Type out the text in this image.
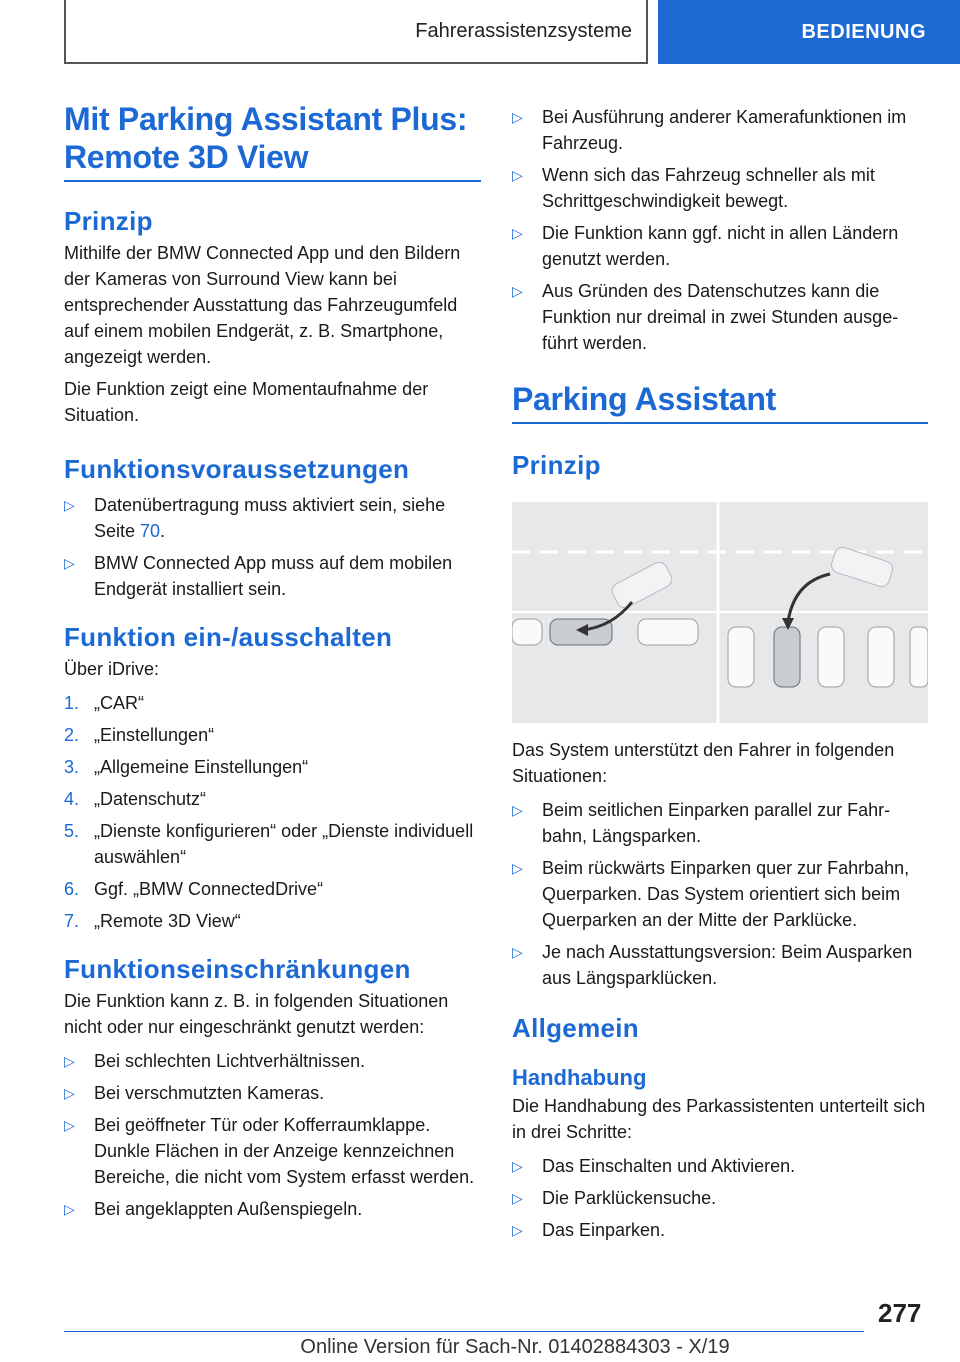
Fahrerassistenzsysteme	BEDIENUNG
Mit Parking Assistant Plus: Remote 3D View
Prinzip

Mithilfe der BMW Connected App und den Bildern der Kameras von Surround View kann bei entsprechender Ausstattung das Fahrzeugumfeld auf einem mobilen Endgerät, z. B. Smartphone, angezeigt werden.

Die Funktion zeigt eine Momentaufnahme der Situation.

Funktionsvoraussetzungen
▷ Datenübertragung muss aktiviert sein, siehe Seite 70.
▷ BMW Connected App muss auf dem mobilen Endgerät installiert sein.
Funktion ein-/ausschalten

Über iDrive:

1. „CAR“
2. „Einstellungen“
3. „Allgemeine Einstellungen“
4. „Datenschutz“
5. „Dienste konfigurieren“ oder „Dienste individuell auswählen“
6. Ggf. „BMW ConnectedDrive“
7. „Remote 3D View“
Funktionseinschränkungen

Die Funktion kann z. B. in folgenden Situationen nicht oder nur eingeschränkt genutzt werden:

▷ Bei schlechten Lichtverhältnissen.
▷ Bei verschmutzten Kameras.
▷ Bei geöffneter Tür oder Kofferraumklappe. Dunkle Flächen in der Anzeige kennzeichnen Bereiche, die nicht vom System erfasst werden.
▷ Bei angeklappten Außenspiegeln.
▷ Bei Ausführung anderer Kamerafunktionen im Fahrzeug.
▷ Wenn sich das Fahrzeug schneller als mit Schrittgeschwindigkeit bewegt.
▷ Die Funktion kann ggf. nicht in allen Ländern genutzt werden.
▷ Aus Gründen des Datenschutzes kann die Funktion nur dreimal in zwei Stunden ausgeführt werden.
Parking Assistant
Prinzip

Das System unterstützt den Fahrer in folgenden Situationen:

▷ Beim seitlichen Einparken parallel zur Fahrbahn, Längsparken.
▷ Beim rückwärts Einparken quer zur Fahrbahn, Querparken. Das System orientiert sich beim Querparken an der Mitte der Parklücke.
▷ Je nach Ausstattungsversion: Beim Ausparken aus Längsparklücken.
Allgemein
Handhabung

Die Handhabung des Parkassistenten unterteilt sich in drei Schritte:

▷ Das Einschalten und Aktivieren.
▷ Die Parklückensuche.
▷ Das Einparken.
277
Online Version für Sach-Nr. 01402884303 - X/19
